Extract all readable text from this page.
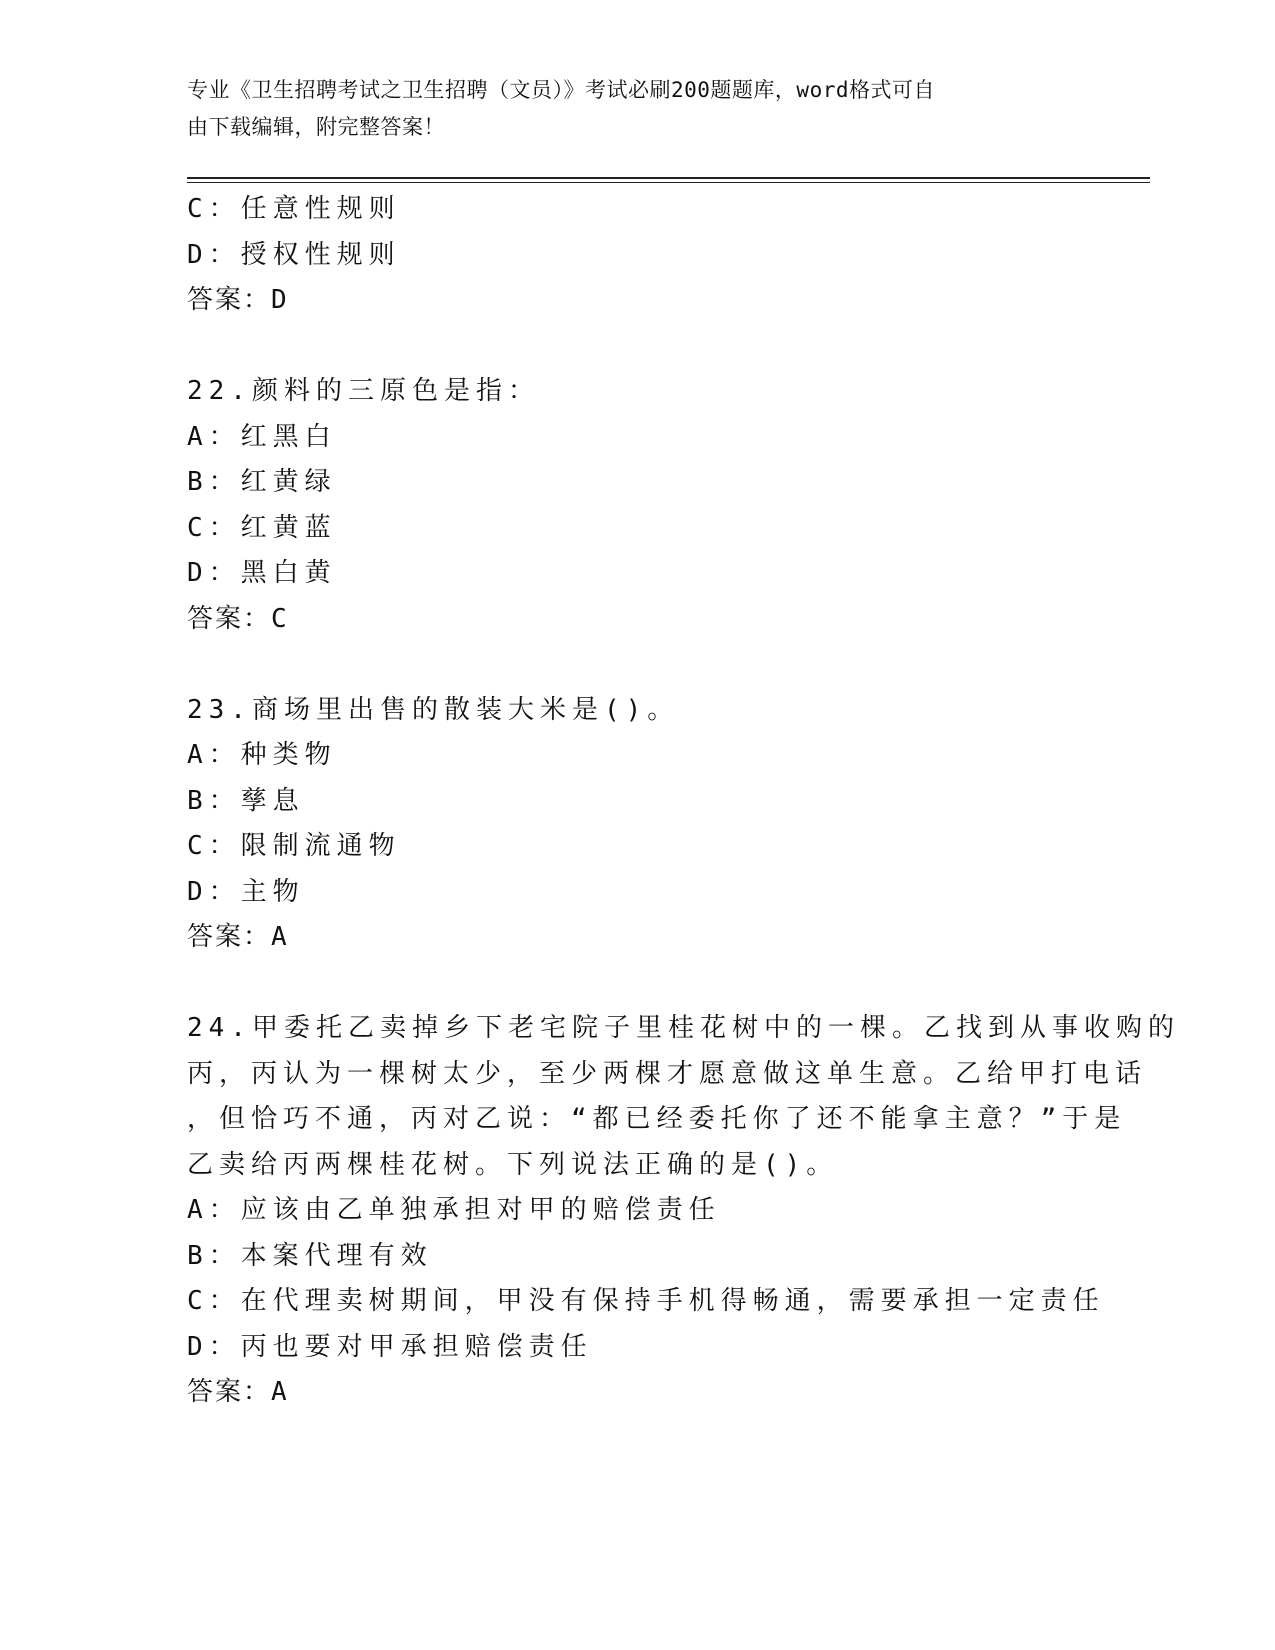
专业《卫生招聘考试之卫生招聘（文员）》考试必刷200题题库，word格式可自
由下载编辑，附完整答案！
C：任意性规则
D：授权性规则
答案：D
22.颜料的三原色是指：
A：红黑白
B：红黄绿
C：红黄蓝
D：黑白黄
答案：C
23.商场里出售的散装大米是()。
A：种类物
B：孳息
C：限制流通物
D：主物
答案：A
24.甲委托乙卖掉乡下老宅院子里桂花树中的一棵。乙找到从事收购的
丙，丙认为一棵树太少，至少两棵才愿意做这单生意。乙给甲打电话
，但恰巧不通，丙对乙说：“都已经委托你了还不能拿主意？”于是
乙卖给丙两棵桂花树。下列说法正确的是()。
A：应该由乙单独承担对甲的赔偿责任
B：本案代理有效
C：在代理卖树期间，甲没有保持手机得畅通，需要承担一定责任
D：丙也要对甲承担赔偿责任
答案：A
